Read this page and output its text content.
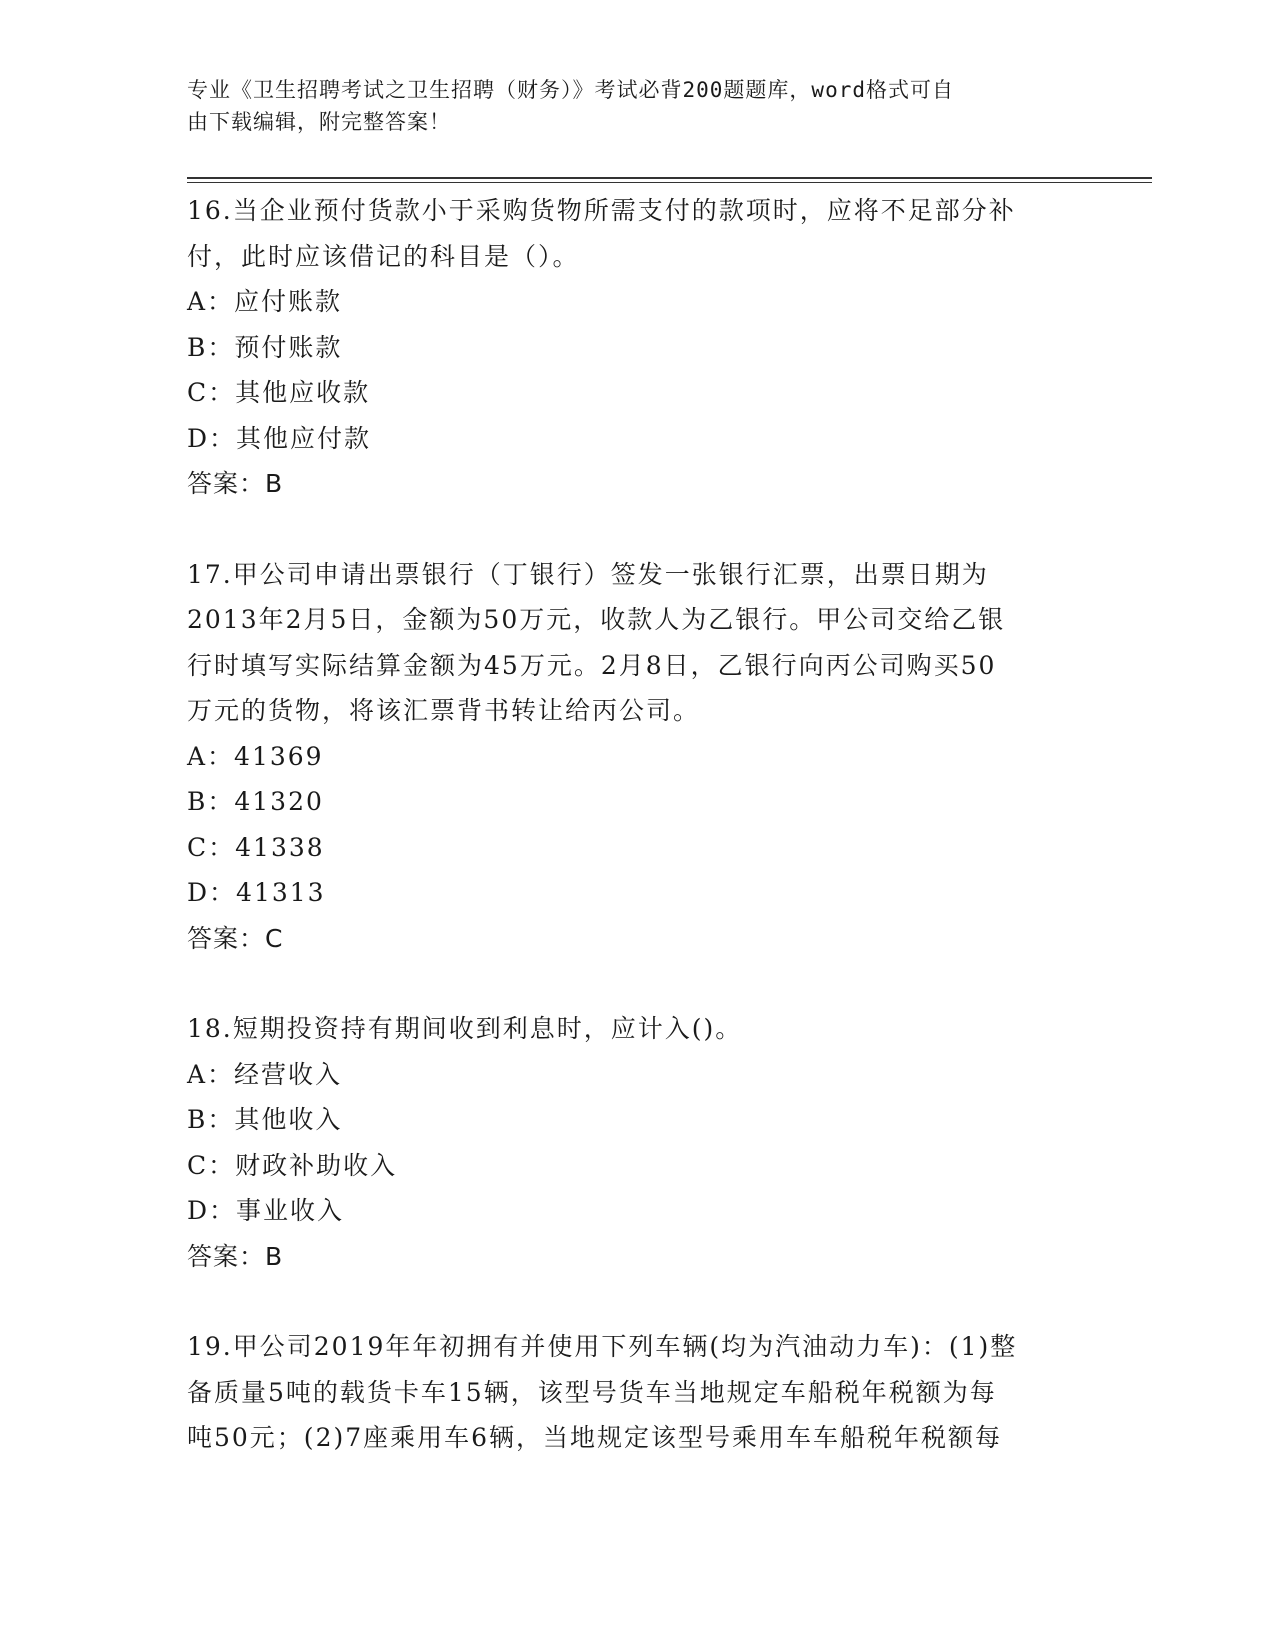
专业《卫生招聘考试之卫生招聘（财务）》考试必背200题题库，word格式可自
由下载编辑，附完整答案！
16.当企业预付货款小于采购货物所需支付的款项时，应将不足部分补
付，此时应该借记的科目是（）。
A：应付账款
B：预付账款
C：其他应收款
D：其他应付款
答案：B
17.甲公司申请出票银行（丁银行）签发一张银行汇票，出票日期为
2013年2月5日，金额为50万元，收款人为乙银行。甲公司交给乙银
行时填写实际结算金额为45万元。2月8日，乙银行向丙公司购买50
万元的货物，将该汇票背书转让给丙公司。
A：41369
B：41320
C：41338
D：41313
答案：C
18.短期投资持有期间收到利息时，应计入()。
A：经营收入
B：其他收入
C：财政补助收入
D：事业收入
答案：B
19.甲公司2019年年初拥有并使用下列车辆(均为汽油动力车)：(1)整
备质量5吨的载货卡车15辆，该型号货车当地规定车船税年税额为每
吨50元；(2)7座乘用车6辆，当地规定该型号乘用车车船税年税额每
